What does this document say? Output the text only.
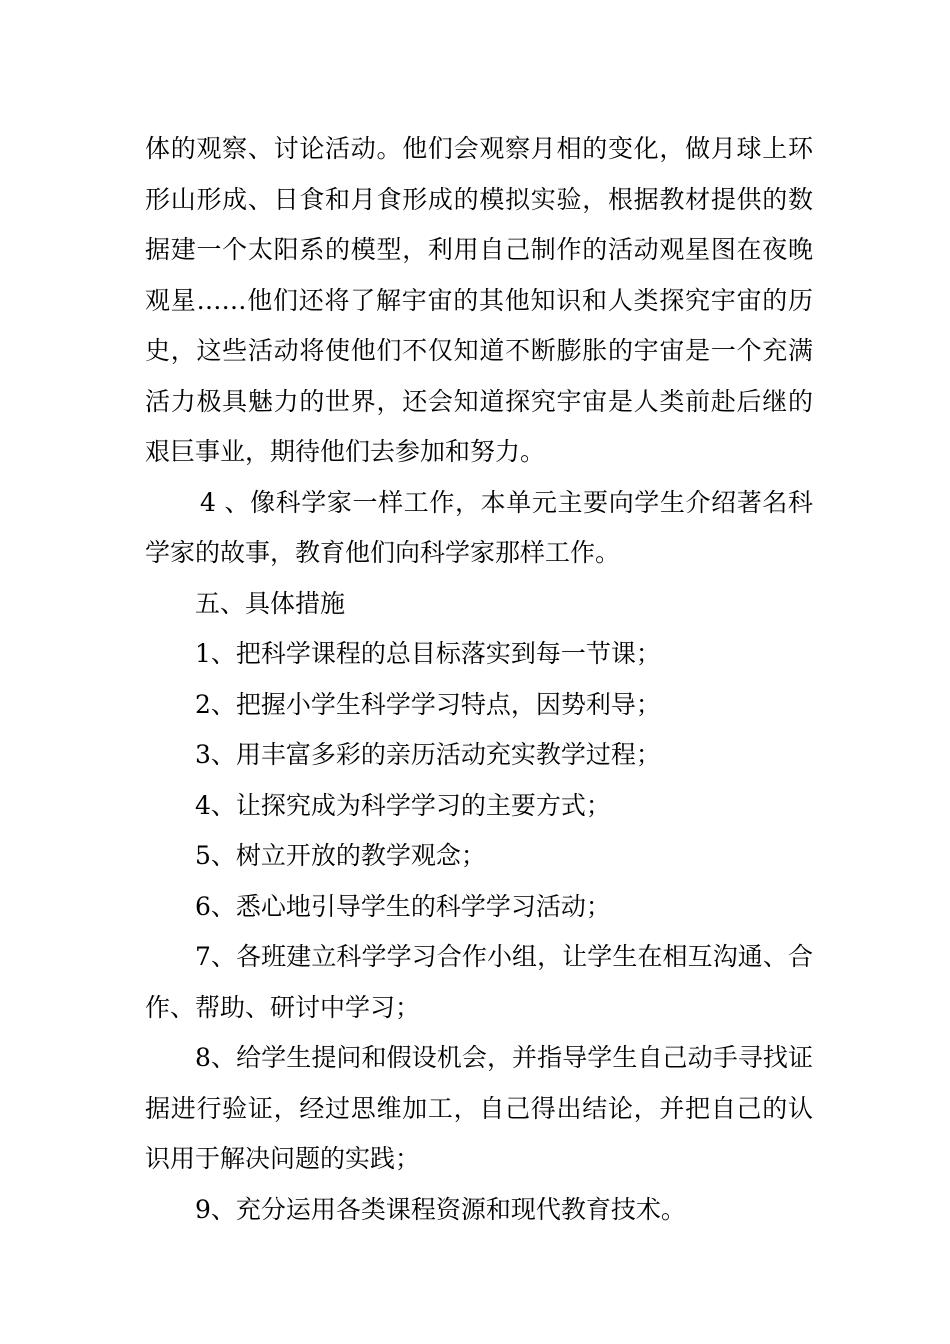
体的观察、讨论活动。他们会观察月相的变化，做月球上环形山形成、日食和月食形成的模拟实验，根据教材提供的数据建一个太阳系的模型，利用自己制作的活动观星图在夜晚观星……他们还将了解宇宙的其他知识和人类探究宇宙的历史，这些活动将使他们不仅知道不断膨胀的宇宙是一个充满活力极具魅力的世界，还会知道探究宇宙是人类前赴后继的艰巨事业，期待他们去参加和努力。

4 、像科学家一样工作，本单元主要向学生介绍著名科学家的故事，教育他们向科学家那样工作。

五、具体措施

1、把科学课程的总目标落实到每一节课；

2、把握小学生科学学习特点，因势利导；

3、用丰富多彩的亲历活动充实教学过程；

4、让探究成为科学学习的主要方式；

5、树立开放的教学观念；

6、悉心地引导学生的科学学习活动；

7、各班建立科学学习合作小组，让学生在相互沟通、合作、帮助、研讨中学习；

8、给学生提问和假设机会，并指导学生自己动手寻找证据进行验证，经过思维加工，自己得出结论，并把自己的认识用于解决问题的实践；

9、充分运用各类课程资源和现代教育技术。
